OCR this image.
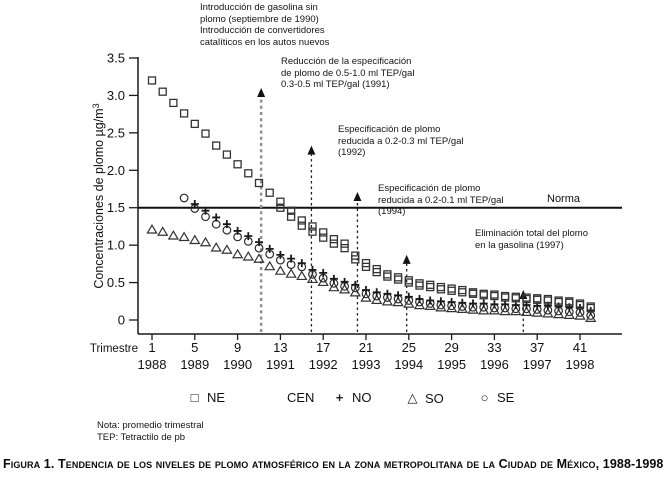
3.5
3.0
2.5
2.0
1.5
1.0
0.5
0
1
1988
5
1989
9
1990
13
1991
17
1992
21
1993
25
1994
29
1995
33
1996
37
1997
41
1998
Trimestre
Concentraciones de plomo $\mu g/m^3$
Introducción de gasolina sin
plomo (septiembre de 1990)
Introducción de convertidores
catalíticos en los autos nuevos
Reducción de la especificación
de plomo de 0.5-1.0 ml TEP/gal
0.3-0.5 ml TEP/gal (1991)
Especificación de plomo
reducida a 0.2-0.3 ml TEP/gal
(1992)
Especificación de plomo
reducida a 0.2-0.1 ml TEP/gal
(1994)
Eliminación total del plomo
en la gasolina (1997)
Norma
□ NE	CEN + NO	△ SO	○ SE
Nota: promedio trimestral
TEP: Tetractilo de pb
Figura 1. Tendencia de los niveles de plomo atmosférico en la zona metropolitana de la Ciudad de México, 1988-1998
